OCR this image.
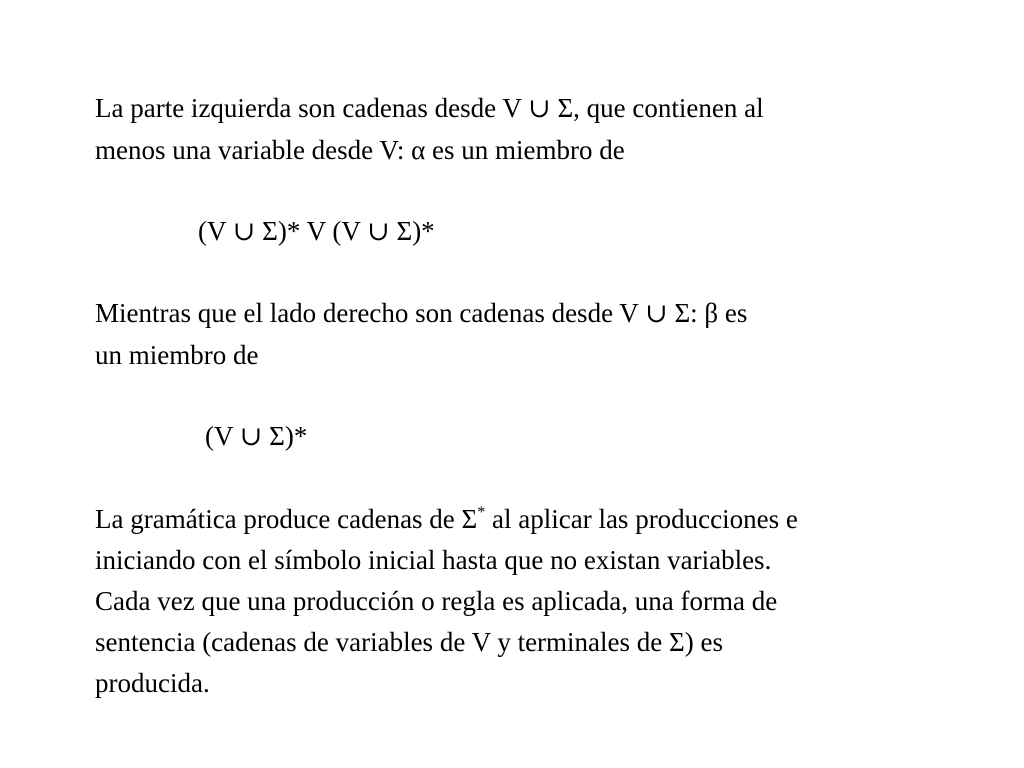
La parte izquierda son cadenas desde V ∪ Σ, que contienen al
menos una variable desde V: α es un miembro de
(V ∪ Σ)* V (V ∪ Σ)*
Mientras que el lado derecho son cadenas desde V ∪ Σ: β es
un miembro de
(V ∪ Σ)*
La gramática produce cadenas de Σ* al aplicar las producciones e
iniciando con el símbolo inicial hasta que no existan variables.
Cada vez que una producción o regla es aplicada, una forma de
sentencia (cadenas de variables de V y terminales de Σ) es
producida.
